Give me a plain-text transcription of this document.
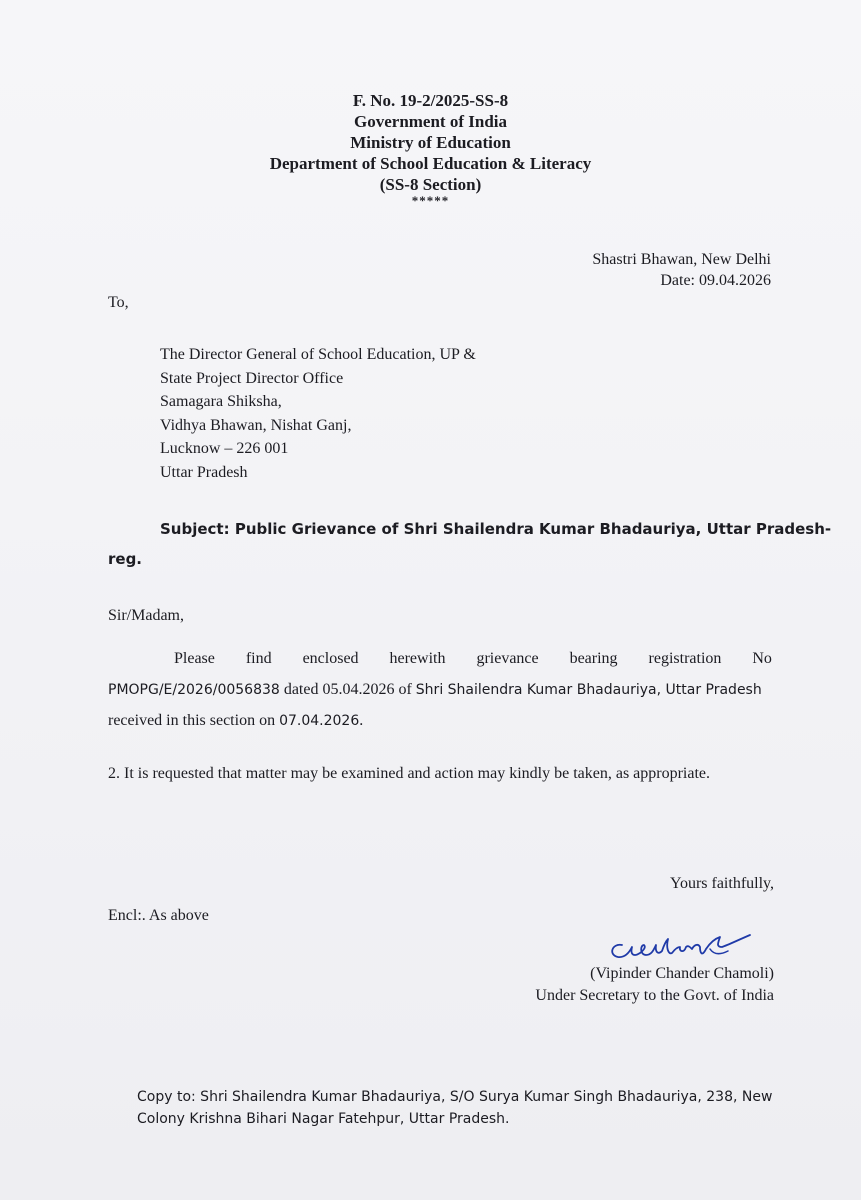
F. No. 19-2/2025-SS-8
Government of India
Ministry of Education
Department of School Education & Literacy
(SS-8 Section)
*****
Shastri Bhawan, New Delhi
Date: 09.04.2026
To,
The Director General of School Education, UP &
State Project Director Office
Samagara Shiksha,
Vidhya Bhawan, Nishat Ganj,
Lucknow – 226 001
Uttar Pradesh
Subject: Public Grievance of Shri Shailendra Kumar Bhadauriya, Uttar Pradesh-
reg.
Sir/Madam,
Please find enclosed herewith grievance bearing registration No
PMOPG/E/2026/0056838 dated 05.04.2026 of Shri Shailendra Kumar Bhadauriya, Uttar Pradesh
received in this section on 07.04.2026.
2. It is requested that matter may be examined and action may kindly be taken, as appropriate.
Yours faithfully,
Encl:. As above
(Vipinder Chander Chamoli)
Under Secretary to the Govt. of India
Copy to: Shri Shailendra Kumar Bhadauriya, S/O Surya Kumar Singh Bhadauriya, 238, New
Colony Krishna Bihari Nagar Fatehpur, Uttar Pradesh.
